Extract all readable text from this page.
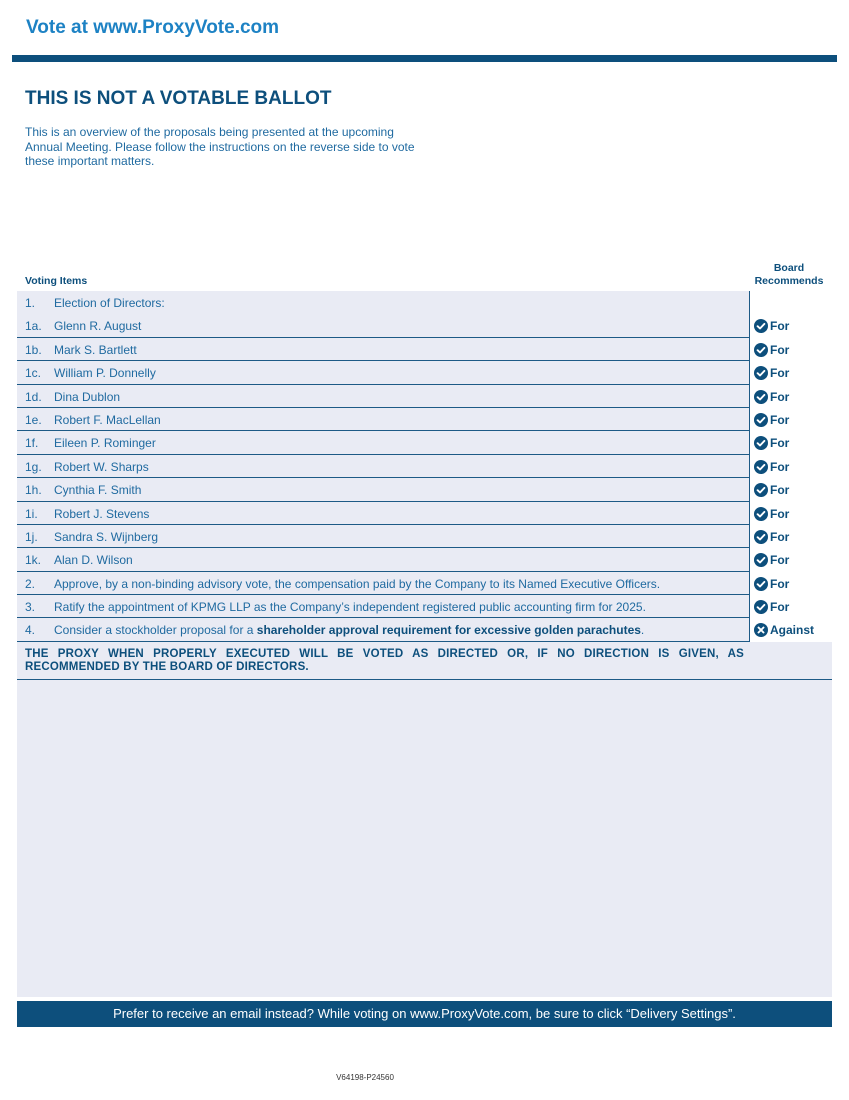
Vote at www.ProxyVote.com
THIS IS NOT A VOTABLE BALLOT
This is an overview of the proposals being presented at the upcoming Annual Meeting. Please follow the instructions on the reverse side to vote these important matters.
Voting Items
Board Recommends
1. Election of Directors:
1a. Glenn R. August	For
1b. Mark S. Bartlett	For
1c. William P. Donnelly	For
1d. Dina Dublon	For
1e. Robert F. MacLellan	For
1f. Eileen P. Rominger	For
1g. Robert W. Sharps	For
1h. Cynthia F. Smith	For
1i. Robert J. Stevens	For
1j. Sandra S. Wijnberg	For
1k. Alan D. Wilson	For
2. Approve, by a non-binding advisory vote, the compensation paid by the Company to its Named Executive Officers.	For
3. Ratify the appointment of KPMG LLP as the Company’s independent registered public accounting firm for 2025.	For
4. Consider a stockholder proposal for a shareholder approval requirement for excessive golden parachutes.	Against
THE PROXY WHEN PROPERLY EXECUTED WILL BE VOTED AS DIRECTED OR, IF NO DIRECTION IS GIVEN, AS RECOMMENDED BY THE BOARD OF DIRECTORS.
Prefer to receive an email instead? While voting on www.ProxyVote.com, be sure to click “Delivery Settings”.
V64198-P24560
